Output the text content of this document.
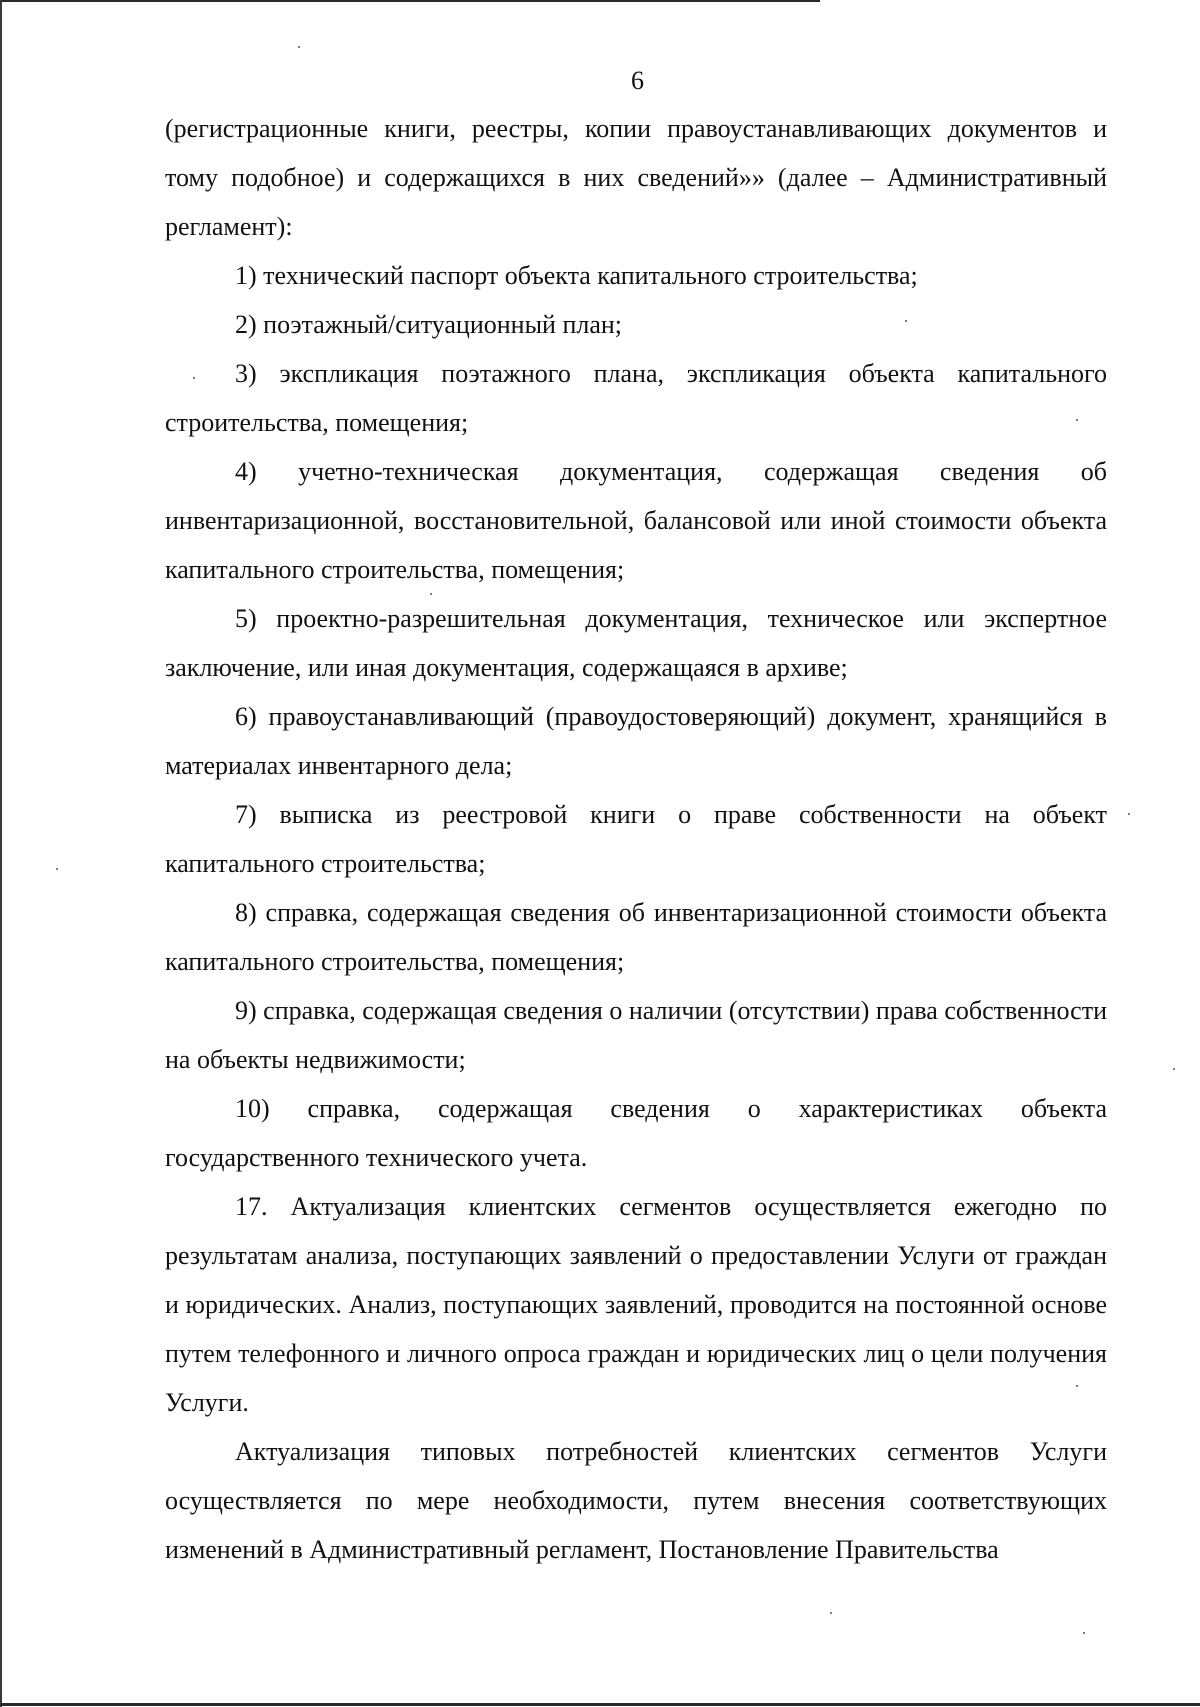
6

(регистрационные книги, реестры, копии правоустанавливающих документов и тому подобное) и содержащихся в них сведений»» (далее – Административный регламент):

1) технический паспорт объекта капитального строительства;

2) поэтажный/ситуационный план;

3) экспликация поэтажного плана, экспликация объекта капитального строительства, помещения;

4) учетно-техническая документация, содержащая сведения об инвентаризационной, восстановительной, балансовой или иной стоимости объекта капитального строительства, помещения;

5) проектно-разрешительная документация, техническое или экспертное заключение, или иная документация, содержащаяся в архиве;

6) правоустанавливающий (правоудостоверяющий) документ, хранящийся в материалах инвентарного дела;

7) выписка из реестровой книги о праве собственности на объект капитального строительства;

8) справка, содержащая сведения об инвентаризационной стоимости объекта капитального строительства, помещения;

9) справка, содержащая сведения о наличии (отсутствии) права собственности на объекты недвижимости;

10) справка, содержащая сведения о характеристиках объекта государственного технического учета.

17. Актуализация клиентских сегментов осуществляется ежегодно по результатам анализа, поступающих заявлений о предоставлении Услуги от граждан и юридических. Анализ, поступающих заявлений, проводится на постоянной основе путем телефонного и личного опроса граждан и юридических лиц о цели получения Услуги.

Актуализация типовых потребностей клиентских сегментов Услуги осуществляется по мере необходимости, путем внесения соответствующих изменений в Административный регламент, Постановление Правительства
